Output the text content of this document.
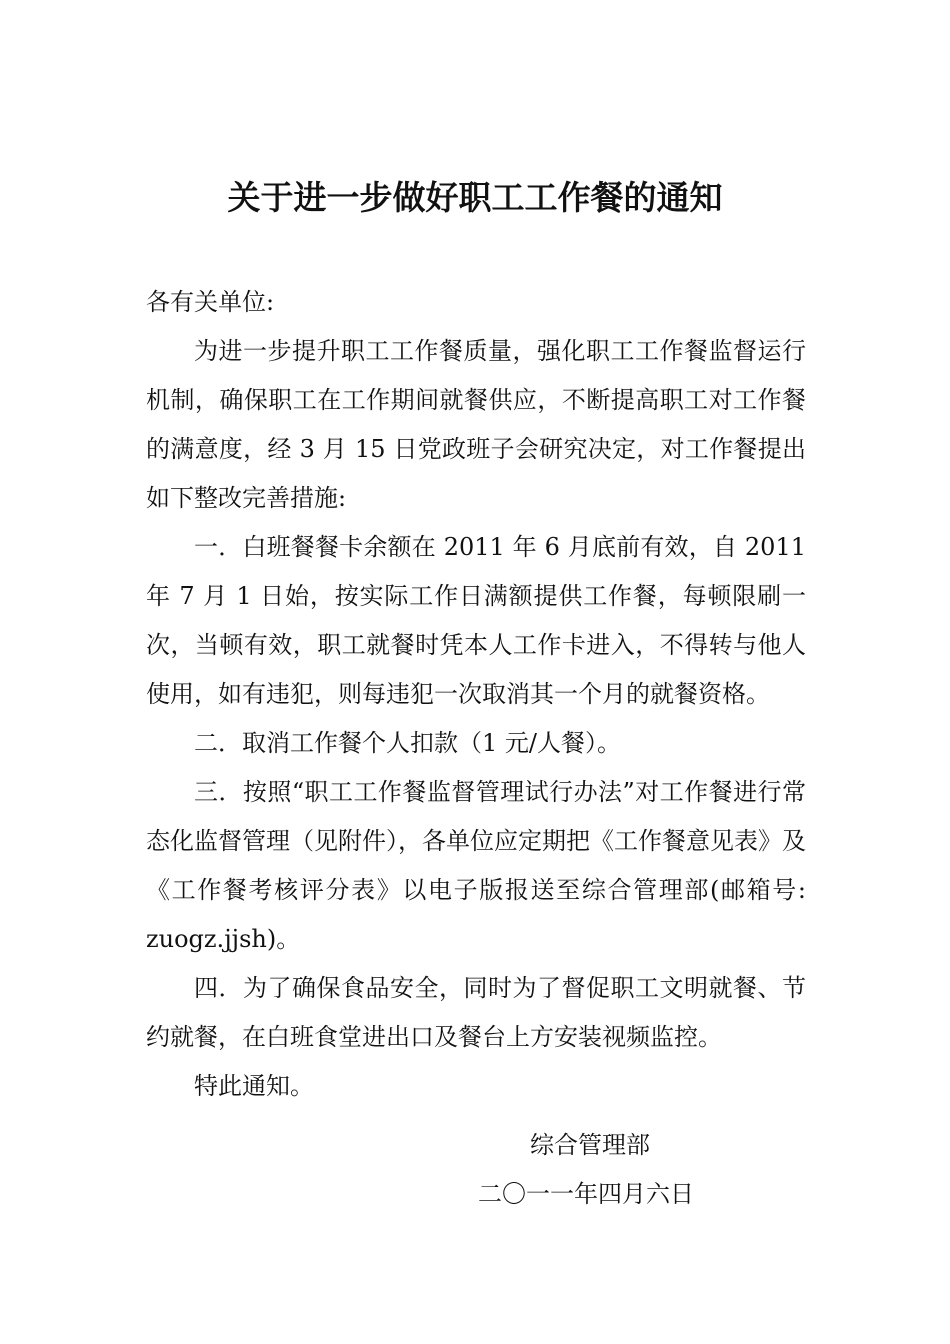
关于进一步做好职工工作餐的通知

各有关单位:

为进一步提升职工工作餐质量，强化职工工作餐监督运行机制，确保职工在工作期间就餐供应，不断提高职工对工作餐的满意度，经 3 月 15 日党政班子会研究决定，对工作餐提出如下整改完善措施:

一．白班餐餐卡余额在 2011 年 6 月底前有效，自 2011 年 7 月 1 日始，按实际工作日满额提供工作餐，每顿限刷一次，当顿有效，职工就餐时凭本人工作卡进入，不得转与他人使用，如有违犯，则每违犯一次取消其一个月的就餐资格。

二．取消工作餐个人扣款（1 元/人餐）。

三．按照“职工工作餐监督管理试行办法”对工作餐进行常态化监督管理（见附件），各单位应定期把《工作餐意见表》及《工作餐考核评分表》以电子版报送至综合管理部(邮箱号: zuogz.jjsh)。

四．为了确保食品安全，同时为了督促职工文明就餐、节约就餐，在白班食堂进出口及餐台上方安装视频监控。

特此通知。

综合管理部

二〇一一年四月六日
